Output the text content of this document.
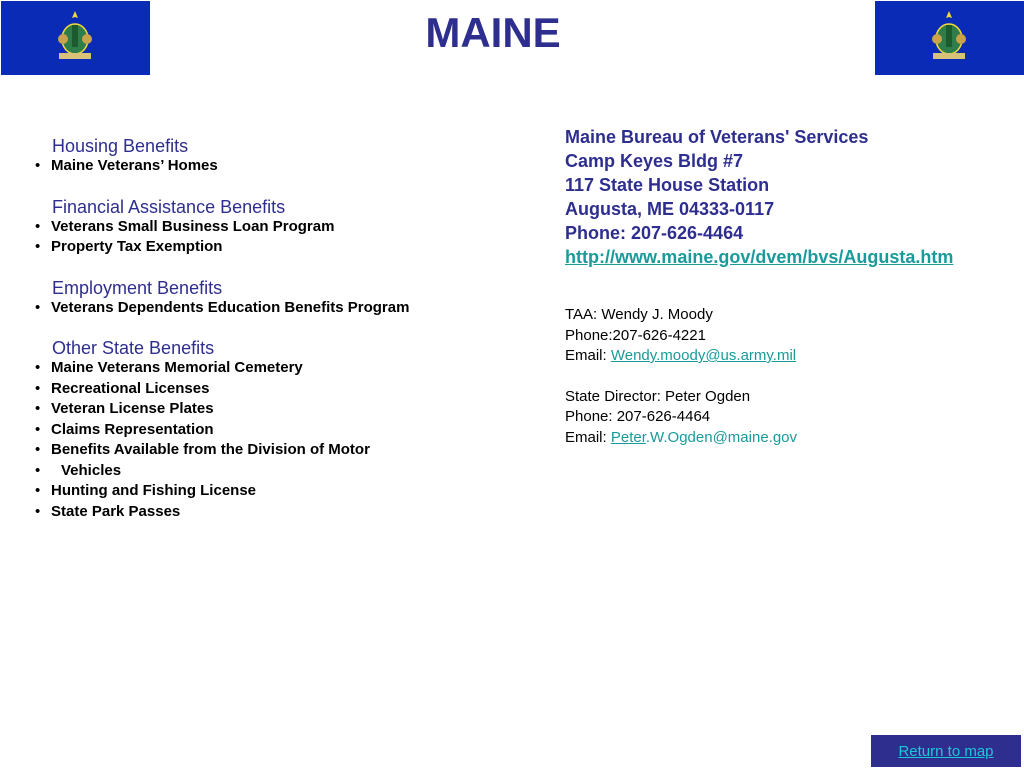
MAINE
Housing Benefits
• Maine Veterans’ Homes
Financial Assistance Benefits
• Veterans Small Business Loan Program
• Property Tax Exemption
Employment Benefits
• Veterans Dependents Education Benefits Program
Other State Benefits
• Maine Veterans Memorial Cemetery
• Recreational Licenses
• Veteran License Plates
• Claims Representation
• Benefits Available from the Division of Motor
• Vehicles
• Hunting and Fishing License
• State Park Passes
Maine Bureau of Veterans' Services
Camp Keyes Bldg #7
117 State House Station
Augusta, ME 04333-0117
Phone: 207-626-4464
http://www.maine.gov/dvem/bvs/Augusta.htm
TAA: Wendy J. Moody
Phone:207-626-4221
Email: Wendy.moody@us.army.mil
State Director: Peter Ogden
Phone: 207-626-4464
Email: Peter.W.Ogden@maine.gov
Return to map
